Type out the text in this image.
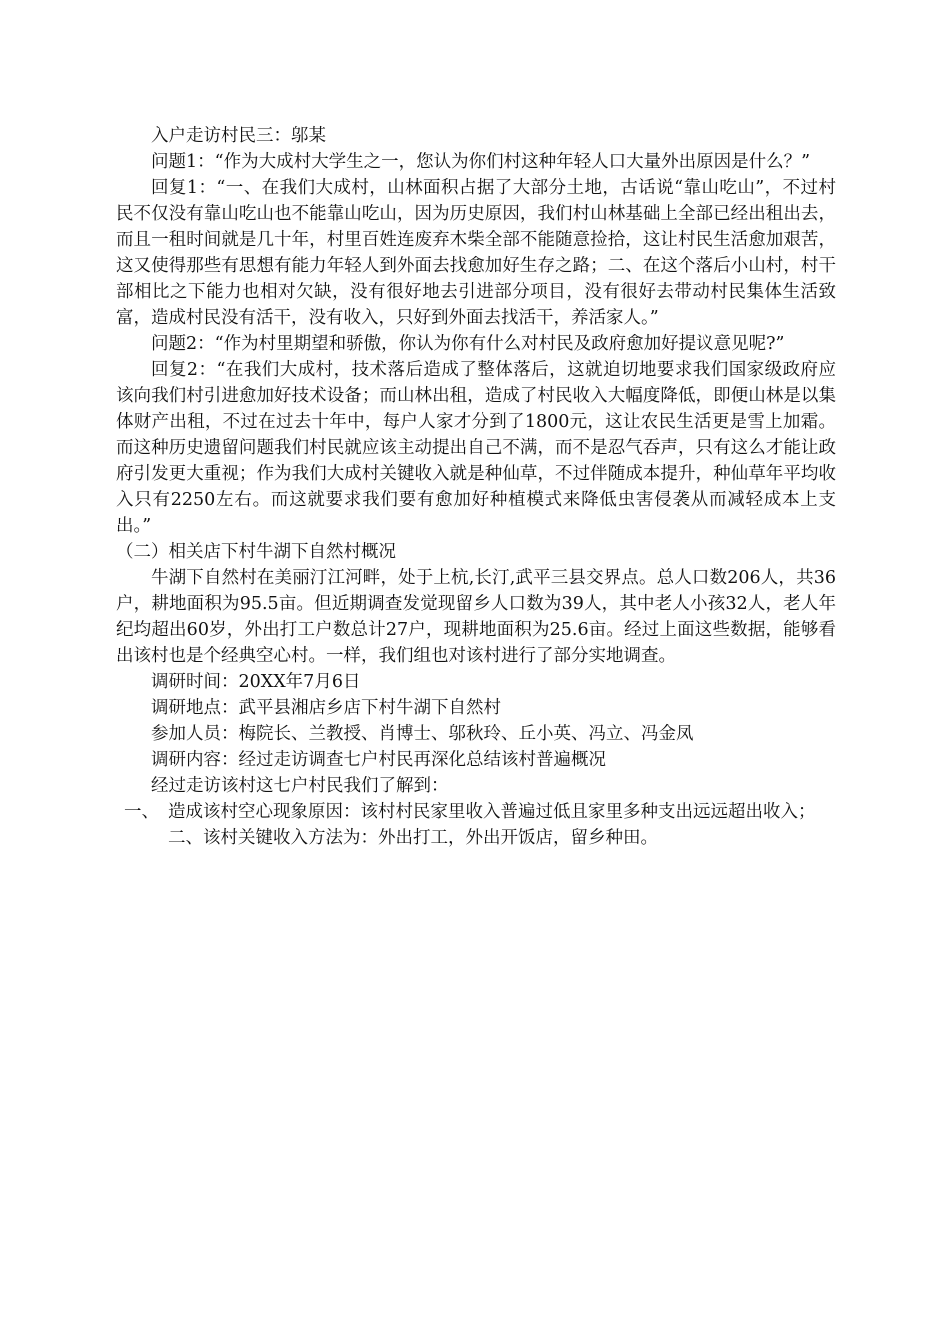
入户走访村民三：邬某

问题1：“作为大成村大学生之一，您认为你们村这种年轻人口大量外出原因是什么？”

回复1：“一、在我们大成村，山林面积占据了大部分土地，古话说“靠山吃山”，不过村民不仅没有靠山吃山也不能靠山吃山，因为历史原因，我们村山林基础上全部已经出租出去，而且一租时间就是几十年，村里百姓连废弃木柴全部不能随意捡拾，这让村民生活愈加艰苦，这又使得那些有思想有能力年轻人到外面去找愈加好生存之路；二、在这个落后小山村，村干部相比之下能力也相对欠缺，没有很好地去引进部分项目，没有很好去带动村民集体生活致富，造成村民没有活干，没有收入，只好到外面去找活干，养活家人。”

问题2：“作为村里期望和骄傲，你认为你有什么对村民及政府愈加好提议意见呢?”

回复2：“在我们大成村，技术落后造成了整体落后，这就迫切地要求我们国家级政府应该向我们村引进愈加好技术设备；而山林出租，造成了村民收入大幅度降低，即便山林是以集体财产出租，不过在过去十年中，每户人家才分到了1800元，这让农民生活更是雪上加霜。而这种历史遗留问题我们村民就应该主动提出自己不满，而不是忍气吞声，只有这么才能让政府引发更大重视；作为我们大成村关键收入就是种仙草，不过伴随成本提升，种仙草年平均收入只有2250左右。而这就要求我们要有愈加好种植模式来降低虫害侵袭从而减轻成本上支出。”

（二）相关店下村牛湖下自然村概况

牛湖下自然村在美丽汀江河畔，处于上杭,长汀,武平三县交界点。总人口数206人，共36户，耕地面积为95.5亩。但近期调查发觉现留乡人口数为39人，其中老人小孩32人，老人年纪均超出60岁，外出打工户数总计27户，现耕地面积为25.6亩。经过上面这些数据，能够看出该村也是个经典空心村。一样，我们组也对该村进行了部分实地调查。

调研时间：20XX年7月6日

调研地点：武平县湘店乡店下村牛湖下自然村

参加人员：梅院长、兰教授、肖博士、邬秋玲、丘小英、冯立、冯金凤

调研内容：经过走访调查七户村民再深化总结该村普遍概况

经过走访该村这七户村民我们了解到：

一、 造成该村空心现象原因：该村村民家里收入普遍过低且家里多种支出远远超出收入；二、该村关键收入方法为：外出打工，外出开饭店，留乡种田。
